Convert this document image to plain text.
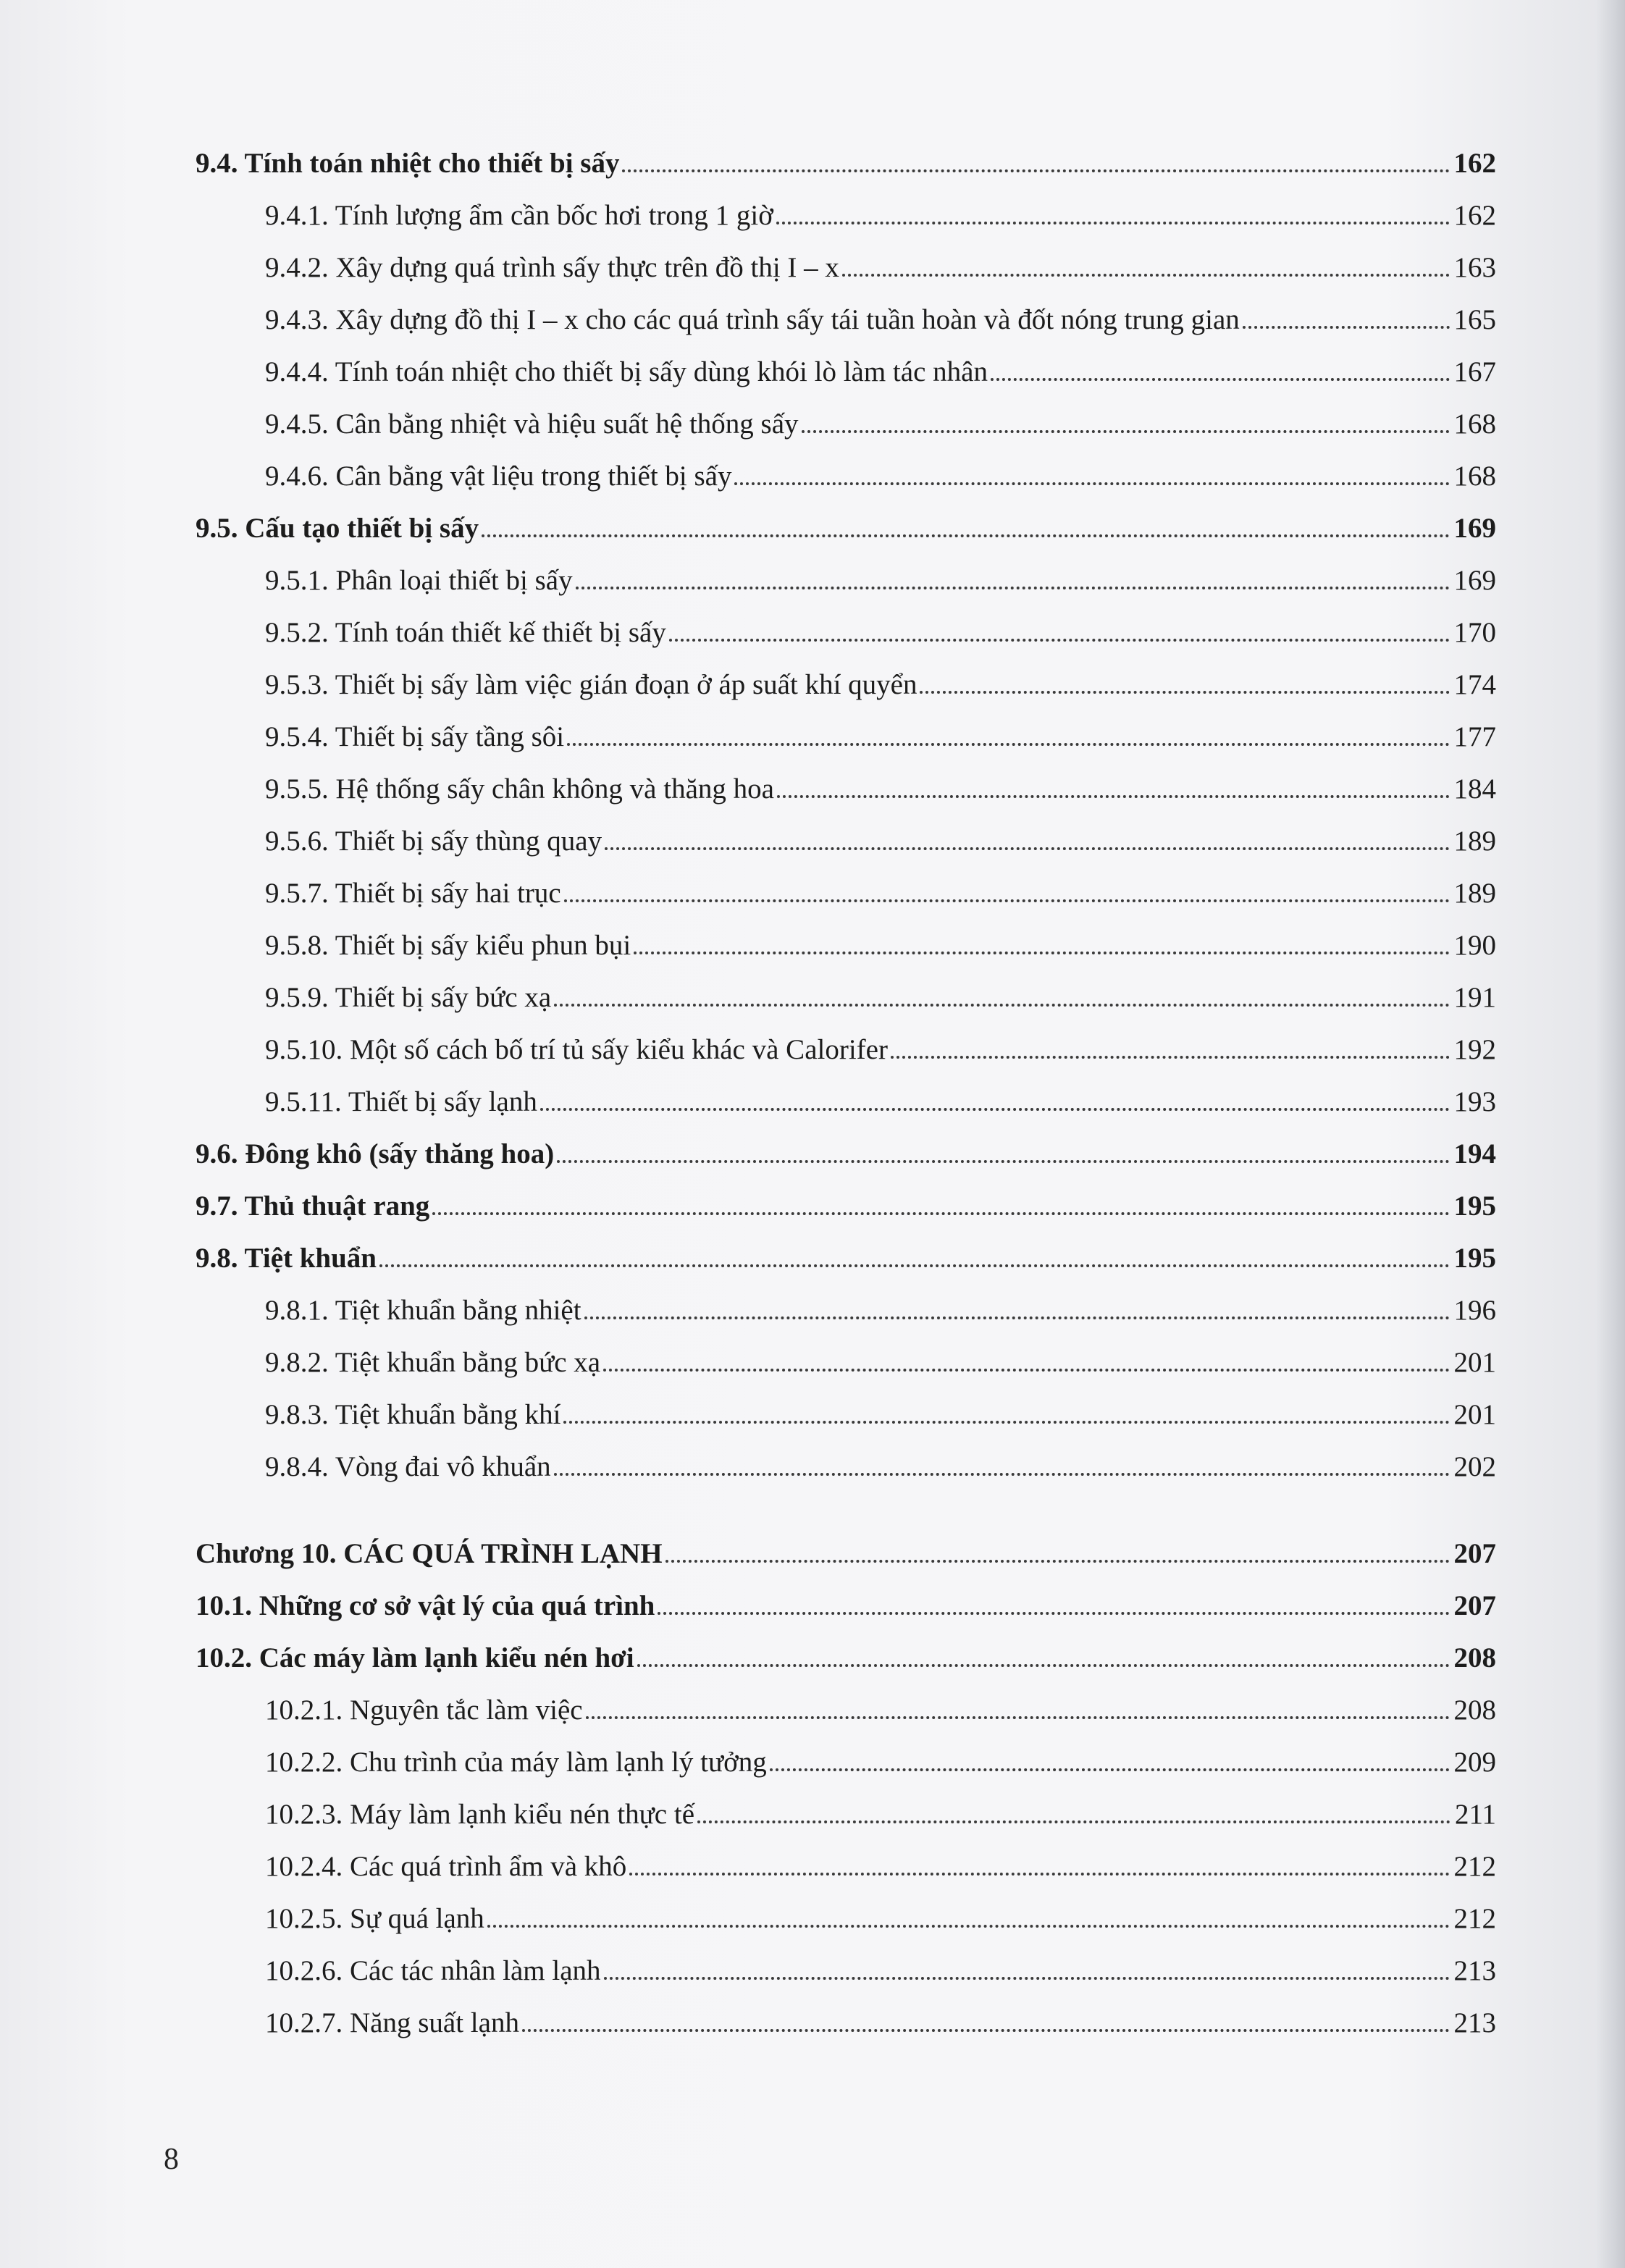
9.4. Tính toán nhiệt cho thiết bị sấy	162
9.4.1. Tính lượng ẩm cần bốc hơi trong 1 giờ	162
9.4.2. Xây dựng quá trình sấy thực trên đồ thị I – x	163
9.4.3. Xây dựng đồ thị I – x cho các quá trình sấy tái tuần hoàn và đốt nóng trung gian	165
9.4.4. Tính toán nhiệt cho thiết bị sấy dùng khói lò làm tác nhân	167
9.4.5. Cân bằng nhiệt và hiệu suất hệ thống sấy	168
9.4.6. Cân bằng vật liệu trong thiết bị sấy	168
9.5. Cấu tạo thiết bị sấy	169
9.5.1. Phân loại thiết bị sấy	169
9.5.2. Tính toán thiết kế thiết bị sấy	170
9.5.3. Thiết bị sấy làm việc gián đoạn ở áp suất khí quyển	174
9.5.4. Thiết bị sấy tầng sôi	177
9.5.5. Hệ thống sấy chân không và thăng hoa	184
9.5.6. Thiết bị sấy thùng quay	189
9.5.7. Thiết bị sấy hai trục	189
9.5.8. Thiết bị sấy kiểu phun bụi	190
9.5.9. Thiết bị sấy bức xạ	191
9.5.10. Một số cách bố trí tủ sấy kiểu khác và Calorifer	192
9.5.11. Thiết bị sấy lạnh	193
9.6. Đông khô (sấy thăng hoa)	194
9.7. Thủ thuật rang	195
9.8. Tiệt khuẩn	195
9.8.1. Tiệt khuẩn bằng nhiệt	196
9.8.2. Tiệt khuẩn bằng bức xạ	201
9.8.3. Tiệt khuẩn bằng khí	201
9.8.4. Vòng đai vô khuẩn	202
Chương 10. CÁC QUÁ TRÌNH LẠNH	207
10.1. Những cơ sở vật lý của quá trình	207
10.2. Các máy làm lạnh kiểu nén hơi	208
10.2.1. Nguyên tắc làm việc	208
10.2.2. Chu trình của máy làm lạnh lý tưởng	209
10.2.3. Máy làm lạnh kiểu nén thực tế	211
10.2.4. Các quá trình ẩm và khô	212
10.2.5. Sự quá lạnh	212
10.2.6. Các tác nhân làm lạnh	213
10.2.7. Năng suất lạnh	213
8
